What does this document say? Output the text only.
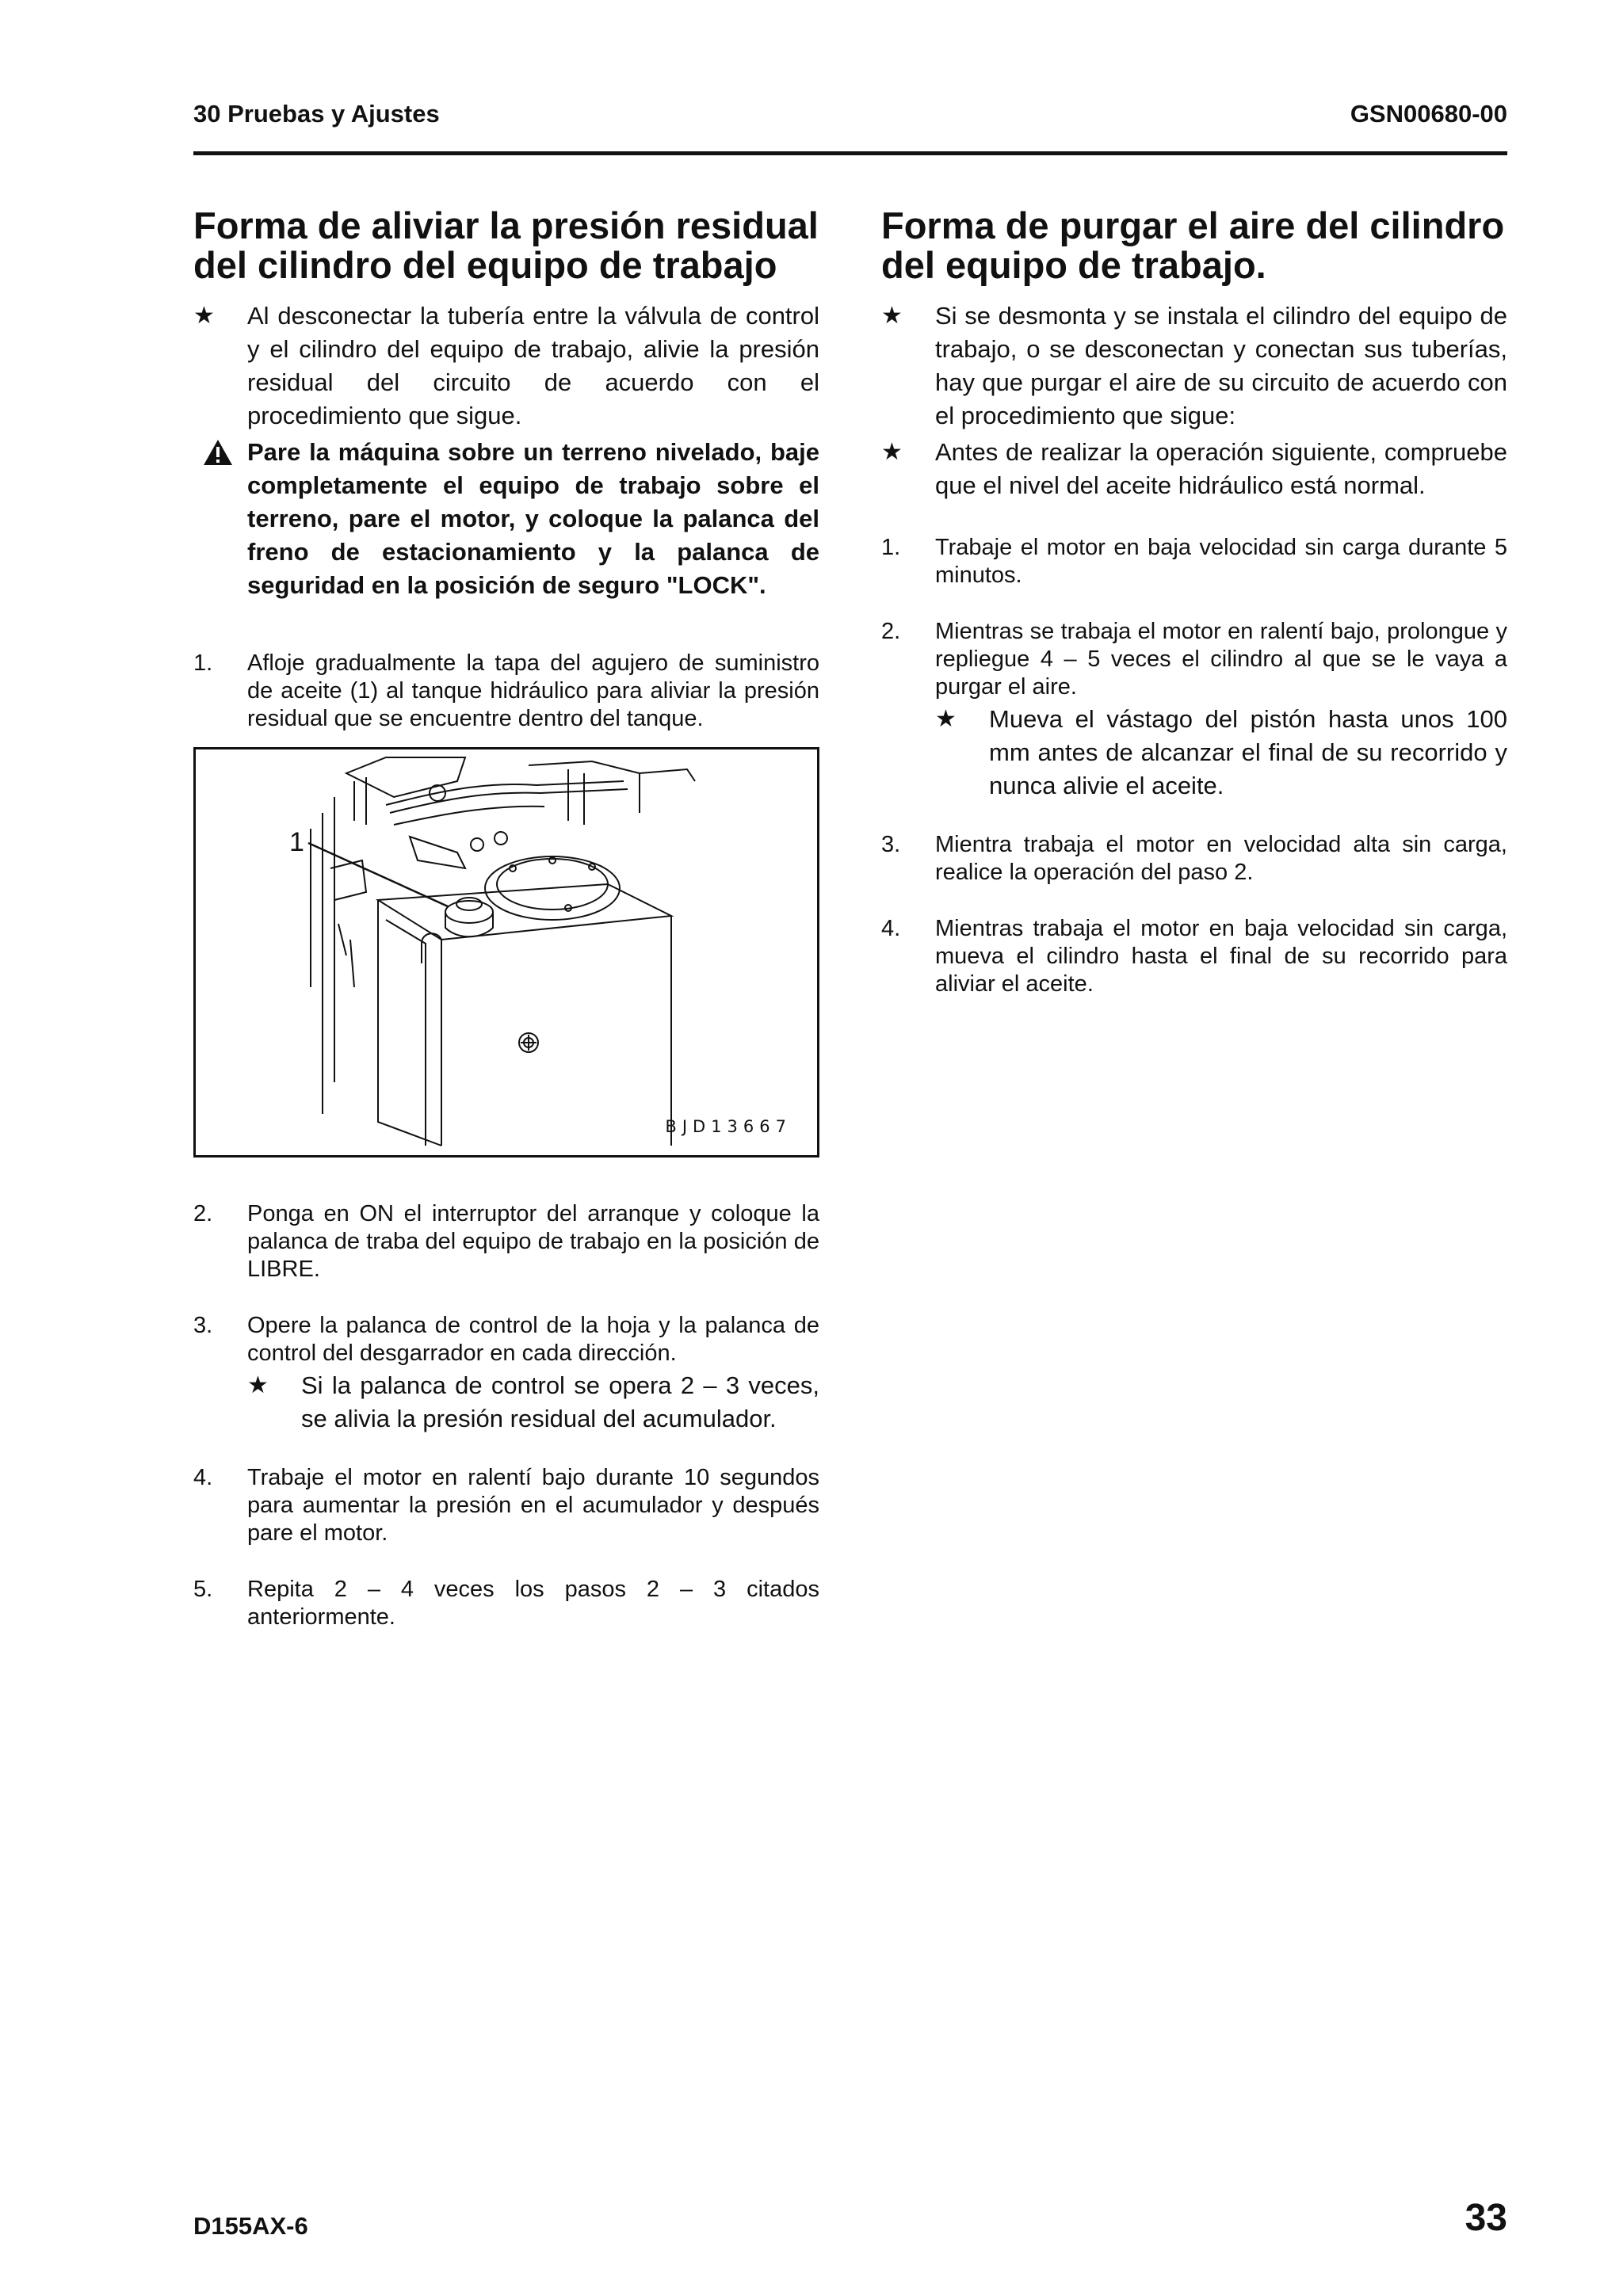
30 Pruebas y Ajustes	GSN00680-00
Forma de aliviar la presión residual del cilindro del equipo de trabajo
★	Al desconectar la tubería entre la válvula de control y el cilindro del equipo de trabajo, alivie la presión residual del circuito de acuerdo con el procedimiento que sigue.
Pare la máquina sobre un terreno nivelado, baje completamente el equipo de trabajo sobre el terreno, pare el motor, y coloque la palanca del freno de estacionamiento y la palanca de seguridad en la posición de seguro "LOCK".
1. Afloje gradualmente la tapa del agujero de suministro de aceite (1) al tanque hidráulico para aliviar la presión residual que se encuentre dentro del tanque.
1
BJD13667
2. Ponga en ON el interruptor del arranque y coloque la palanca de traba del equipo de trabajo en la posición de LIBRE.
3. Opere la palanca de control de la hoja y la palanca de control del desgarrador en cada dirección.
★ Si la palanca de control se opera 2 – 3 veces, se alivia la presión residual del acumulador.
4. Trabaje el motor en ralentí bajo durante 10 segundos para aumentar la presión en el acumulador y después pare el motor.
5. Repita 2 – 4 veces los pasos 2 – 3 citados anteriormente.
Forma de purgar el aire del cilindro del equipo de trabajo.
★	Si se desmonta y se instala el cilindro del equipo de trabajo, o se desconectan y conectan sus tuberías, hay que purgar el aire de su circuito de acuerdo con el procedimiento que sigue:
★	Antes de realizar la operación siguiente, compruebe que el nivel del aceite hidráulico está normal.
1. Trabaje el motor en baja velocidad sin carga durante 5 minutos.
2. Mientras se trabaja el motor en ralentí bajo, prolongue y repliegue 4 – 5 veces el cilindro al que se le vaya a purgar el aire.
★ Mueva el vástago del pistón hasta unos 100 mm antes de alcanzar el final de su recorrido y nunca alivie el aceite.
3. Mientra trabaja el motor en velocidad alta sin carga, realice la operación del paso 2.
4. Mientras trabaja el motor en baja velocidad sin carga, mueva el cilindro hasta el final de su recorrido para aliviar el aceite.
D155AX-6	33
